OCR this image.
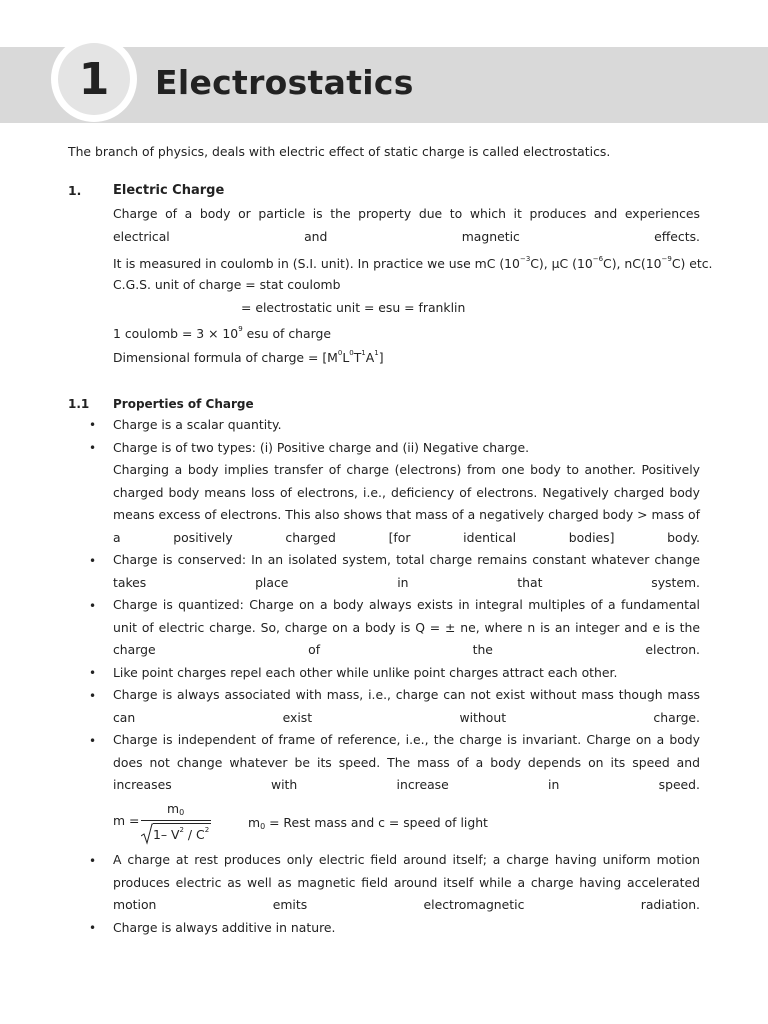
1	Electrostatics
The branch of physics, deals with electric effect of static charge is called electrostatics.
1. Electric Charge
Charge of a body or particle is the property due to which it produces and experiences electrical and magnetic effects.
It is measured in coulomb in (S.I. unit). In practice we use mC $(10^{-3}C)$, μC $(10^{-6}C)$, $nC(10^{-9}C)$ etc.
C.G.S. unit of charge = stat coulomb
= electrostatic unit = esu = franklin
1 coulomb = $3 \times 10^9$ esu of charge
Dimensional formula of charge = $[M^0L^0T^1A^1]$
1.1 Properties of Charge
• Charge is a scalar quantity.
• Charge is of two types: (i) Positive charge and (ii) Negative charge.
Charging a body implies transfer of charge (electrons) from one body to another. Positively charged body means loss of electrons, i.e., deficiency of electrons. Negatively charged body means excess of electrons. This also shows that mass of a negatively charged body > mass of a positively charged [for identical bodies] body.
• Charge is conserved: In an isolated system, total charge remains constant whatever change takes place in that system.
• Charge is quantized: Charge on a body always exists in integral multiples of a fundamental unit of electric charge. So, charge on a body is Q = ± ne, where n is an integer and e is the charge of the electron.
• Like point charges repel each other while unlike point charges attract each other.
• Charge is always associated with mass, i.e., charge can not exist without mass though mass can exist without charge.
• Charge is independent of frame of reference, i.e., the charge is invariant. Charge on a body does not change whatever be its speed. The mass of a body depends on its speed and increases with increase in speed.
m =
$m_0$
1– $V^2 / C^2$	$m_0$ = Rest mass and c = speed of light
• A charge at rest produces only electric field around itself; a charge having uniform motion produces electric as well as magnetic field around itself while a charge having accelerated motion emits electromagnetic radiation.
• Charge is always additive in nature.
